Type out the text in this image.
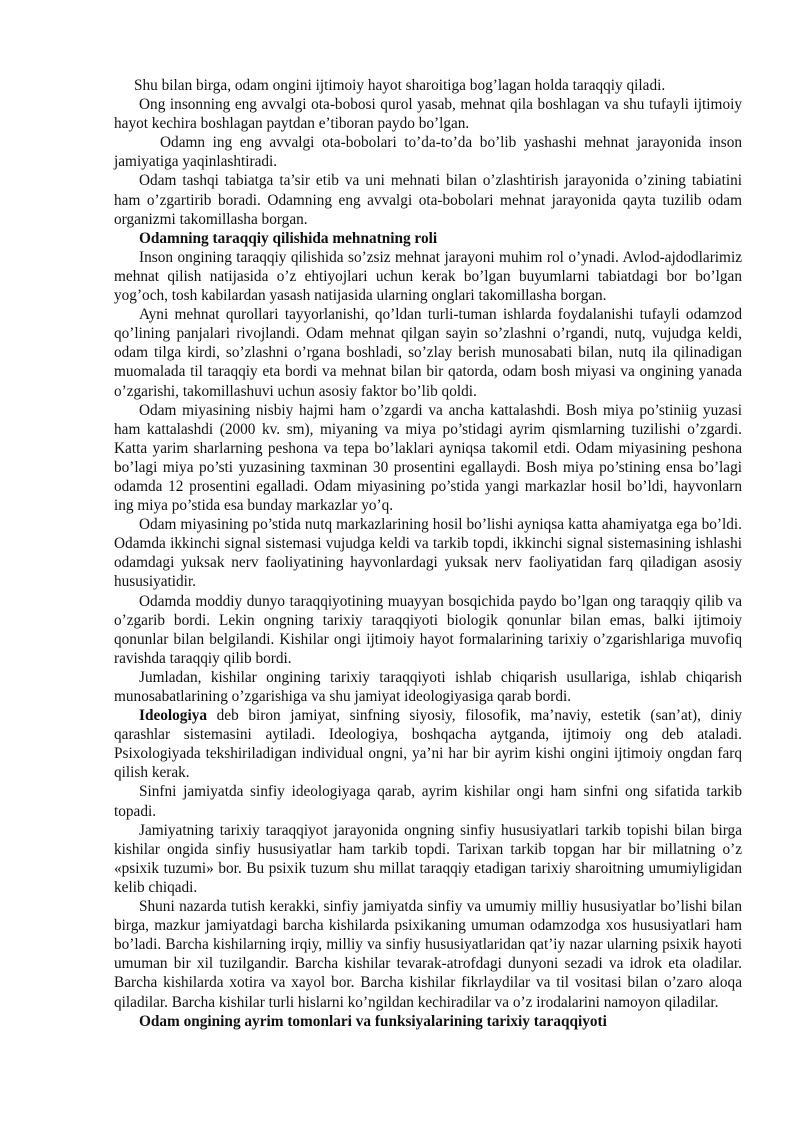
Shu bilan birga, odam ongini ijtimoiy hayot sharoitiga bog’lagan holda taraqqiy qiladi.

Ong insonning eng avvalgi ota-bobosi qurol yasab, mehnat qila boshlagan va shu tufayli ijtimoiy hayot kechira boshlagan paytdan e’tiboran paydo bo’lgan.

Odamn ing eng avvalgi ota-bobolari to’da-to’da bo’lib yashashi mehnat jarayonida inson jamiyatiga yaqinlashtiradi.

Odam tashqi tabiatga ta’sir etib va uni mehnati bilan o’zlashtirish jarayonida o’zining tabiatini ham o’zgartirib boradi. Odamning eng avvalgi ota-bobolari mehnat jarayonida qayta tuzilib odam organizmi takomillasha borgan.

Odamning taraqqiy qilishida mehnatning roli

Inson ongining taraqqiy qilishida so’zsiz mehnat jarayoni muhim rol o’ynadi. Avlod-ajdodlarimiz mehnat qilish natijasida o’z ehtiyojlari uchun kerak bo’lgan buyumlarni tabiatdagi bor bo’lgan yog’och, tosh kabilardan yasash natijasida ularning onglari takomillasha borgan.

Ayni mehnat qurollari tayyorlanishi, qo’ldan turli-tuman ishlarda foydalanishi tufayli odamzod qo’lining panjalari rivojlandi. Odam mehnat qilgan sayin so’zlashni o’rgandi, nutq, vujudga keldi, odam tilga kirdi, so’zlashni o’rgana boshladi, so’zlay berish munosabati bilan, nutq ila qilinadigan muomalada til taraqqiy eta bordi va mehnat bilan bir qatorda, odam bosh miyasi va ongining yanada o’zgarishi, takomillashuvi uchun asosiy faktor bo’lib qoldi.

Odam miyasining nisbiy hajmi ham o’zgardi va ancha kattalashdi. Bosh miya po’stiniig yuzasi ham kattalashdi (2000 kv. sm), miyaning va miya po’stidagi ayrim qismlarning tuzilishi o’zgardi. Katta yarim sharlarning peshona va tepa bo’laklari ayniqsa takomil etdi. Odam miyasining peshona bo’lagi miya po’sti yuzasining taxminan 30 prosentini egallaydi. Bosh miya po’stining ensa bo’lagi odamda 12 prosentini egalladi. Odam miyasining po’stida yangi markazlar hosil bo’ldi, hayvonlarn ing miya po’stida esa bunday markazlar yo’q.

Odam miyasining po’stida nutq markazlarining hosil bo’lishi ayniqsa katta ahamiyatga ega bo’ldi. Odamda ikkinchi signal sistemasi vujudga keldi va tarkib topdi, ikkinchi signal sistemasining ishlashi odamdagi yuksak nerv faoliyatining hayvonlardagi yuksak nerv faoliyatidan farq qiladigan asosiy hususiyatidir.

Odamda moddiy dunyo taraqqiyotining muayyan bosqichida paydo bo’lgan ong taraqqiy qilib va o’zgarib bordi. Lekin ongning tarixiy taraqqiyoti biologik qonunlar bilan emas, balki ijtimoiy qonunlar bilan belgilandi. Kishilar ongi ijtimoiy hayot formalarining tarixiy o’zgarishlariga muvofiq ravishda taraqqiy qilib bordi.

Jumladan, kishilar ongining tarixiy taraqqiyoti ishlab chiqarish usullariga, ishlab chiqarish munosabatlarining o’zgarishiga va shu jamiyat ideologiyasiga qarab bordi.

Ideologiya deb biron jamiyat, sinfning siyosiy, filosofik, ma’naviy, estetik (san’at), diniy qarashlar sistemasini aytiladi. Ideologiya, boshqacha aytganda, ijtimoiy ong deb ataladi. Psixologiyada tekshiriladigan individual ongni, ya’ni har bir ayrim kishi ongini ijtimoiy ongdan farq qilish kerak.

Sinfni jamiyatda sinfiy ideologiyaga qarab, ayrim kishilar ongi ham sinfni ong sifatida tarkib topadi.

Jamiyatning tarixiy taraqqiyot jarayonida ongning sinfiy hususiyatlari tarkib topishi bilan birga kishilar ongida sinfiy hususiyatlar ham tarkib topdi. Tarixan tarkib topgan har bir millatning o’z «psixik tuzumi» bor. Bu psixik tuzum shu millat taraqqiy etadigan tarixiy sharoitning umumiyligidan kelib chiqadi.

Shuni nazarda tutish kerakki, sinfiy jamiyatda sinfiy va umumiy milliy hususiyatlar bo’lishi bilan birga, mazkur jamiyatdagi barcha kishilarda psixikaning umuman odamzodga xos hususiyatlari ham bo’ladi. Barcha kishilarning irqiy, milliy va sinfiy hususiyatlaridan qat’iy nazar ularning psixik hayoti umuman bir xil tuzilgandir. Barcha kishilar tevarak-atrofdagi dunyoni sezadi va idrok eta oladilar. Barcha kishilarda xotira va xayol bor. Barcha kishilar fikrlaydilar va til vositasi bilan o’zaro aloqa qiladilar. Barcha kishilar turli hislarni ko’ngildan kechiradilar va o’z irodalarini namoyon qiladilar.

Odam ongining ayrim tomonlari va funksiyalarining tarixiy taraqqiyoti
